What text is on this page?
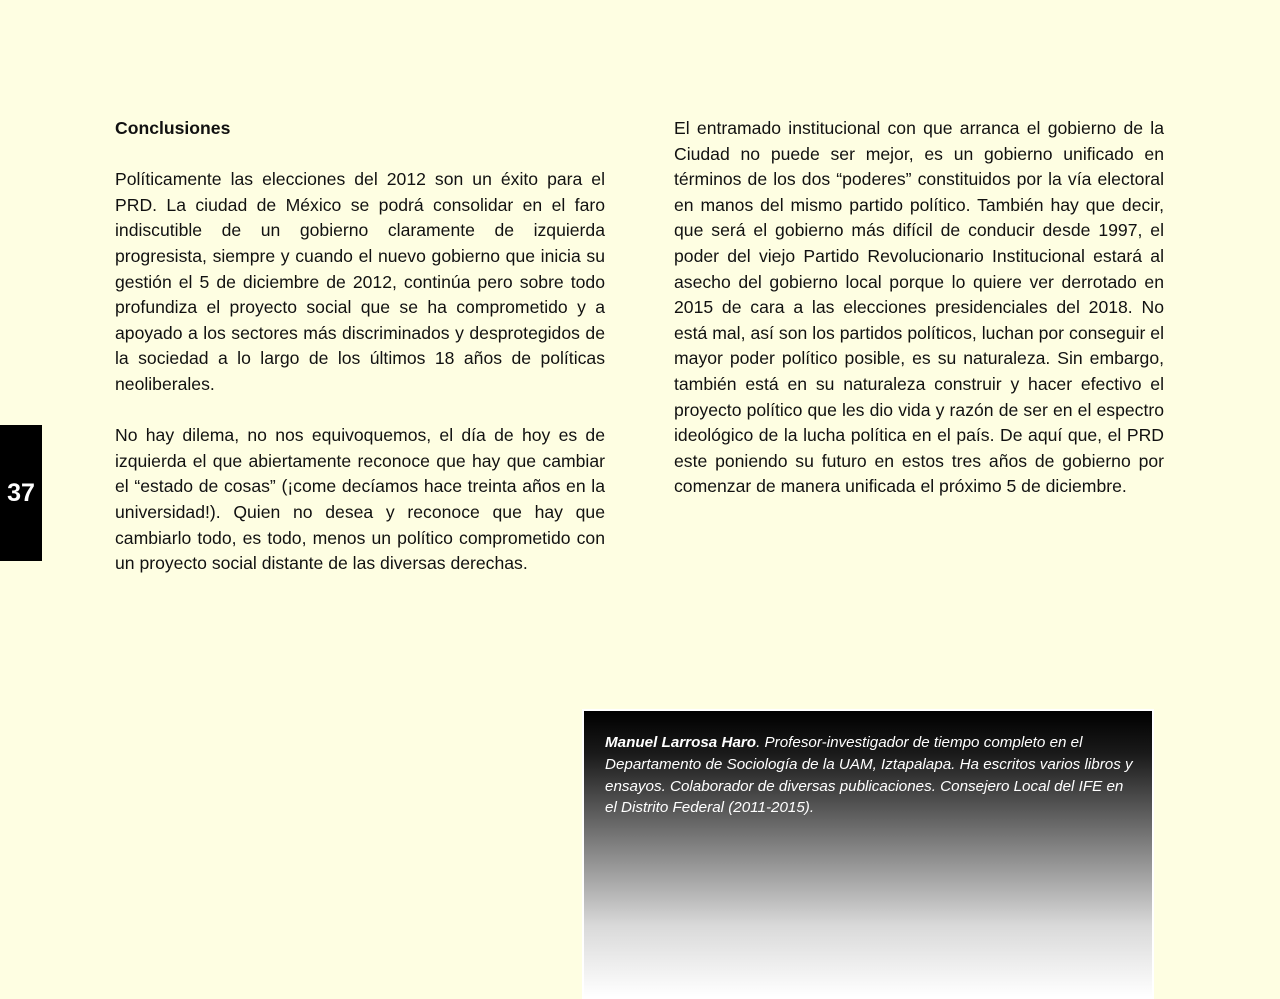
37
Conclusiones

Políticamente las elecciones del 2012 son un éxito para el PRD. La ciudad de México se podrá consolidar en el faro indiscutible de un gobierno claramente de izquierda progresista, siempre y cuando el nuevo gobierno que inicia su gestión el 5 de diciembre de 2012, continúa pero sobre todo profundiza el proyecto social que se ha comprometido y a apoyado a los sectores más discriminados y desprotegidos de la sociedad a lo largo de los últimos 18 años de políticas neoliberales.

No hay dilema, no nos equivoquemos, el día de hoy es de izquierda el que abiertamente reconoce que hay que cambiar el “estado de cosas” (¡come decíamos hace treinta años en la universidad!). Quien no desea y reconoce que hay que cambiarlo todo, es todo, menos un político comprometido con un proyecto social distante de las diversas derechas.

El entramado institucional con que arranca el gobierno de la Ciudad no puede ser mejor, es un gobierno unificado en términos de los dos “poderes” constituidos por la vía electoral en manos del mismo partido político. También hay que decir, que será el gobierno más difícil de conducir desde 1997, el poder del viejo Partido Revolucionario Institucional estará al asecho del gobierno local porque lo quiere ver derrotado en 2015 de cara a las elecciones presidenciales del 2018. No está mal, así son los partidos políticos, luchan por conseguir el mayor poder político posible, es su naturaleza. Sin embargo, también está en su naturaleza construir y hacer efectivo el proyecto político que les dio vida y razón de ser en el espectro ideológico de la lucha política en el país. De aquí que, el PRD este poniendo su futuro en estos tres años de gobierno por comenzar de manera unificada el próximo 5 de diciembre.

Manuel Larrosa Haro. Profesor-investigador de tiempo completo en el Departamento de Sociología de la UAM, Iztapalapa. Ha escritos varios libros y ensayos. Colaborador de diversas publicaciones. Consejero Local del IFE en el Distrito Federal (2011-2015).
